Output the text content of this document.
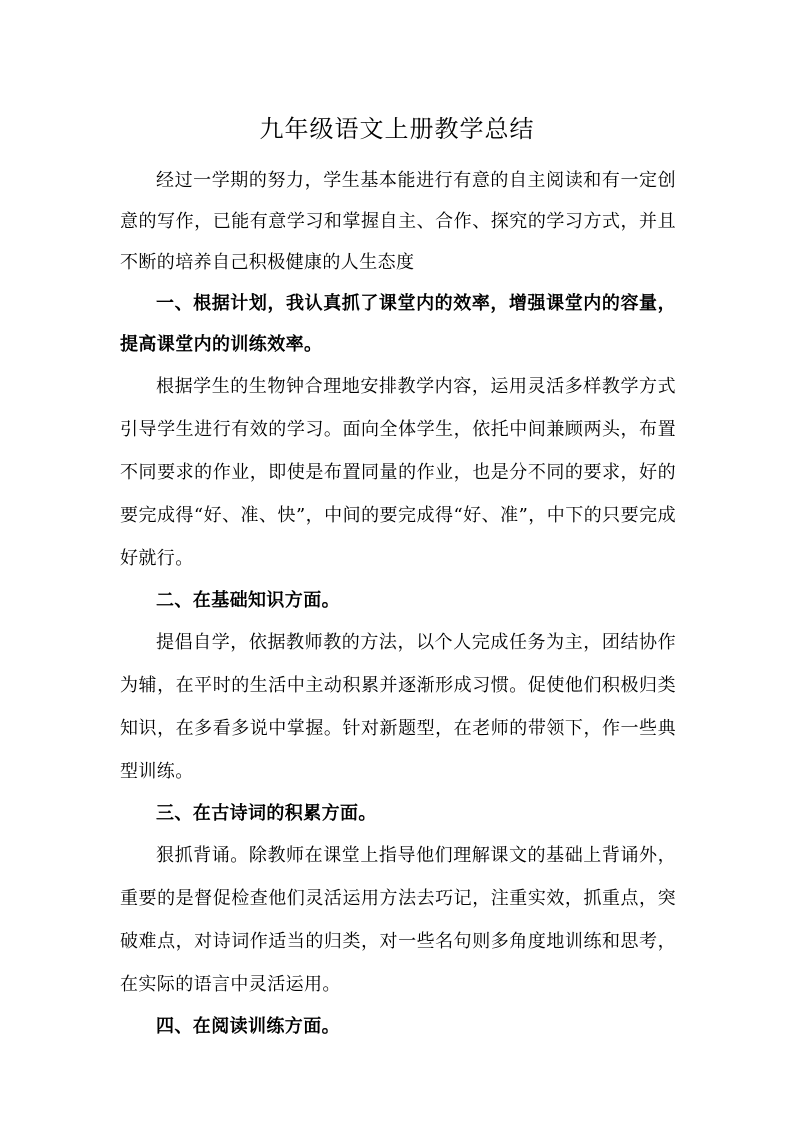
九年级语文上册教学总结

经过一学期的努力，学生基本能进行有意的自主阅读和有一定创意的写作，已能有意学习和掌握自主、合作、探究的学习方式，并且不断的培养自己积极健康的人生态度

一、根据计划，我认真抓了课堂内的效率，增强课堂内的容量，提高课堂内的训练效率。

根据学生的生物钟合理地安排教学内容，运用灵活多样教学方式引导学生进行有效的学习。面向全体学生，依托中间兼顾两头，布置不同要求的作业，即使是布置同量的作业，也是分不同的要求，好的要完成得“好、准、快”，中间的要完成得“好、准”，中下的只要完成好就行。

二、在基础知识方面。

提倡自学，依据教师教的方法，以个人完成任务为主，团结协作为辅，在平时的生活中主动积累并逐渐形成习惯。促使他们积极归类知识，在多看多说中掌握。针对新题型，在老师的带领下，作一些典型训练。

三、在古诗词的积累方面。

狠抓背诵。除教师在课堂上指导他们理解课文的基础上背诵外，重要的是督促检查他们灵活运用方法去巧记，注重实效，抓重点，突破难点，对诗词作适当的归类，对一些名句则多角度地训练和思考，在实际的语言中灵活运用。

四、在阅读训练方面。
